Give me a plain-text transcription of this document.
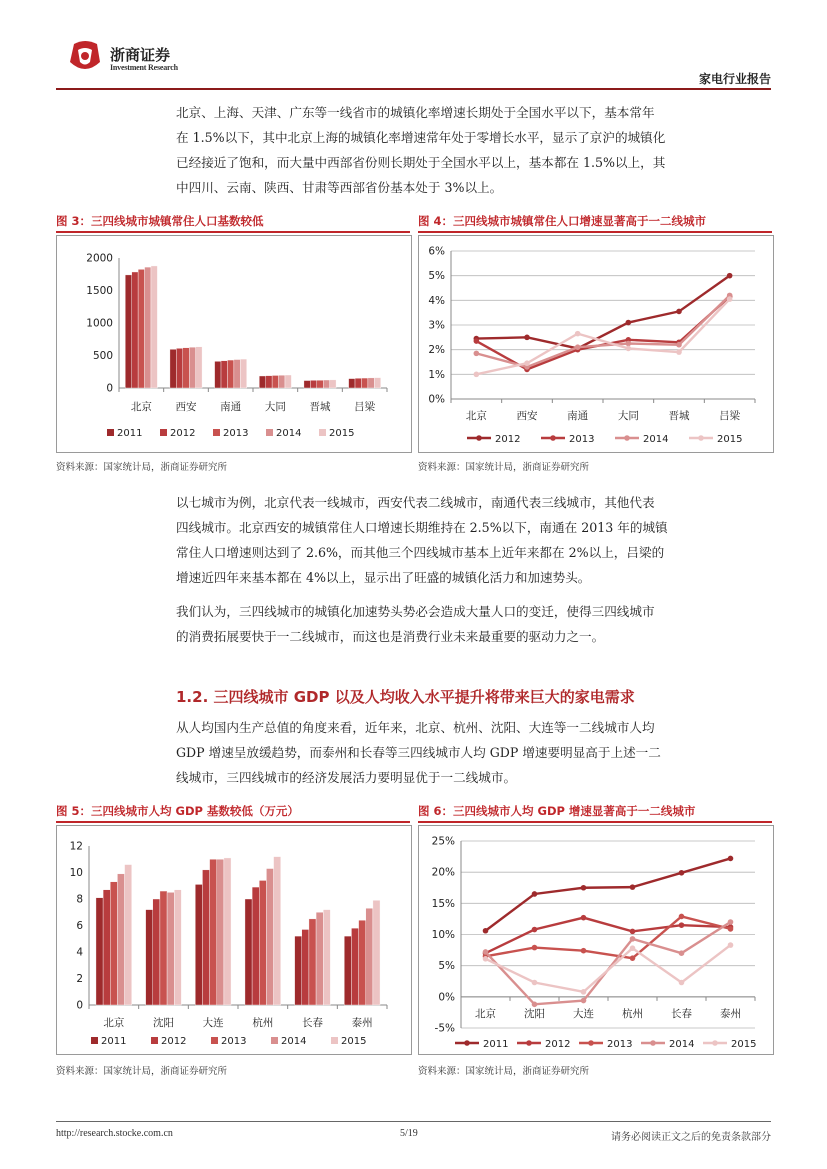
浙商证券
Investment Research
家电行业报告

北京、上海、天津、广东等一线省市的城镇化率增速长期处于全国水平以下，基本常年

在 1.5%以下，其中北京上海的城镇化率增速常年处于零增长水平，显示了京沪的城镇化

已经接近了饱和，而大量中西部省份则长期处于全国水平以上，基本都在 1.5%以上，其

中四川、云南、陕西、甘肃等西部省份基本处于 3%以上。

图 3：三四线城市城镇常住人口基数较低
0
500
1000
1500
2000
北京 西安 南通 大同 晋城 吕梁
2011	2012	2013	2014	2015
资料来源：国家统计局，浙商证券研究所
图 4：三四线城市城镇常住人口增速显著高于一二线城市
0%
1%
2%
3%
4%
5%
6%
北京	西安	南通	大同	晋城	吕梁
2012	2013	2014	2015
资料来源：国家统计局，浙商证券研究所

以七城市为例，北京代表一线城市，西安代表二线城市，南通代表三线城市，其他代表

四线城市。北京西安的城镇常住人口增速长期维持在 2.5%以下，南通在 2013 年的城镇

常住人口增速则达到了 2.6%，而其他三个四线城市基本上近年来都在 2%以上，吕梁的

增速近四年来基本都在 4%以上，显示出了旺盛的城镇化活力和加速势头。

我们认为，三四线城市的城镇化加速势头势必会造成大量人口的变迁，使得三四线城市

的消费拓展要快于一二线城市，而这也是消费行业未来最重要的驱动力之一。

1.2. 三四线城市 GDP 以及人均收入水平提升将带来巨大的家电需求

从人均国内生产总值的角度来看，近年来，北京、杭州、沈阳、大连等一二线城市人均

GDP 增速呈放缓趋势，而泰州和长春等三四线城市人均 GDP 增速要明显高于上述一二

线城市，三四线城市的经济发展活力要明显优于一二线城市。

图 5：三四线城市人均 GDP 基数较低（万元）
0
2
4
6
8
10
12
北京	沈阳	大连	杭州	长春	泰州
2011	2012	2013	2014	2015
资料来源：国家统计局，浙商证券研究所
图 6：三四线城市人均 GDP 增速显著高于一二线城市
-5%
0%
5%
10%
15%
20%
25%
北京	沈阳	大连	杭州	长春	泰州
2011	2012	2013	2014	2015
资料来源：国家统计局，浙商证券研究所
http://research.stocke.com.cn	5/19	请务必阅读正文之后的免责条款部分
